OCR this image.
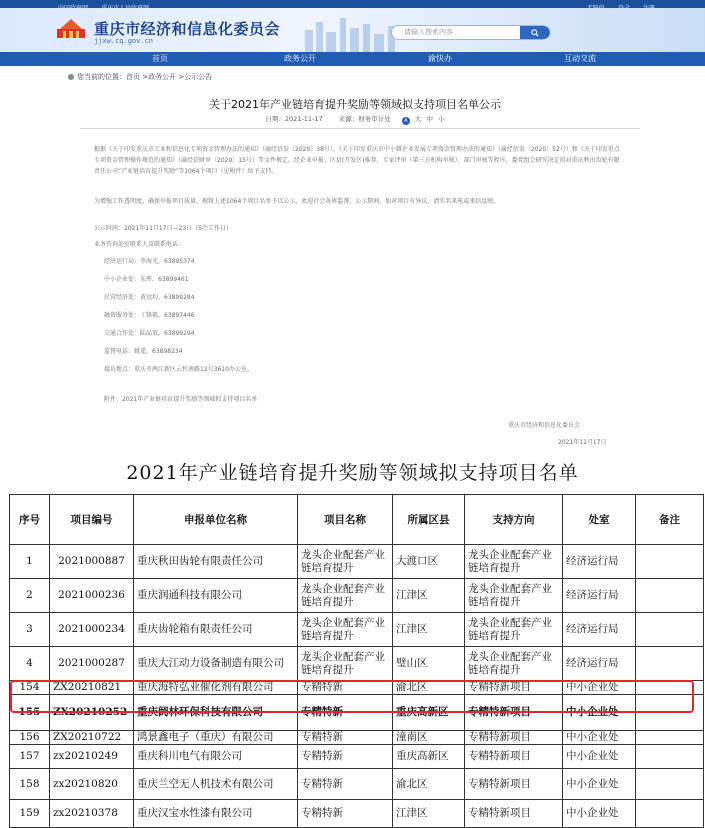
重庆市经济和信息化委员会
jjxw.cq.gov.cn
请输入搜索内容
首页	政务公开	渝快办	互动交流
您当前的位置：首页 >政务公开 >公示公告
关于2021年产业链培育提升奖励等领域拟支持项目名单公示
日期：2021-11-17 来源：财务审计处	A 大 中 小
根据《关于印发重庆市工业和信息化专项资金管理办法的通知》（渝经信发〔2020〕38号）、《关于印发重庆市中小微企业发展专项资金管理办法的通知》（渝经信发〔2020〕52号）和《关于印发重点专项资金管理操作规范的通知》（渝经信财审〔2020〕15号）等文件规定，经企业申报、区县(开发区)推荐、专家评审（第三方机构审核）、部门审核等程序，委党组会研究决定拟对重庆秋田齿轮有限责任公司“产业链培育提升奖励”等1064个项目（见附件）给予支持。
为增强工作透明度，确保申报项目质量，现将上述1064个项目名单予以公示，欢迎社会各界监督。公示期间，如对项目有异议，请实名来电或来信反映。
公示时间：2021年11月17日—23日（5个工作日）
业务咨询处室联系人及联系电话：
经济运行局：李海光，63895374
中小企业处：朱彤，63899461
民营经济处：黄远均，63899284
融资服务处：丁锋毅，63897446
交通合作处：陆晶双，63899294
监督电话：姚遥，63898234
接访地点：重庆市两江新区云杉南路12号3610办公室。
附件：2021年产业链培育提升奖励等领域拟支持项目名单
重庆市经济和信息化委员会
2021年11月17日
2021年产业链培育提升奖励等领域拟支持项目名单
序号	项目编号	申报单位名称	项目名称	所属区县	支持方向	处室	备注
1	2021000887	重庆秋田齿轮有限责任公司	龙头企业配套产业链培育提升	大渡口区	龙头企业配套产业链培育提升	经济运行局	
2	2021000236	重庆润通科技有限公司	龙头企业配套产业链培育提升	江津区	龙头企业配套产业链培育提升	经济运行局	
3	2021000234	重庆齿轮箱有限责任公司	龙头企业配套产业链培育提升	江津区	龙头企业配套产业链培育提升	经济运行局	
4	2021000287	重庆大江动力设备制造有限公司	龙头企业配套产业链培育提升	璧山区	龙头企业配套产业链培育提升	经济运行局	
154	ZX20210821	重庆海特弘业催化剂有限公司	专精特新	渝北区	专精特新项目	中小企业处	
155	ZX20210252	重庆阏林环保科技有限公司	专精特新	重庆高新区	专精特新项目	中小企业处	
156	ZX20210722	鸿景鑫电子（重庆）有限公司	专精特新	潼南区	专精特新项目	中小企业处	
157	zx20210249	重庆科川电气有限公司	专精特新	重庆高新区	专精特新项目	中小企业处	
158	zx20210820	重庆兰空无人机技术有限公司	专精特新	渝北区	专精特新项目	中小企业处	
159	zx20210378	重庆汉宝水性漆有限公司	专精特新	江津区	专精特新项目	中小企业处	
